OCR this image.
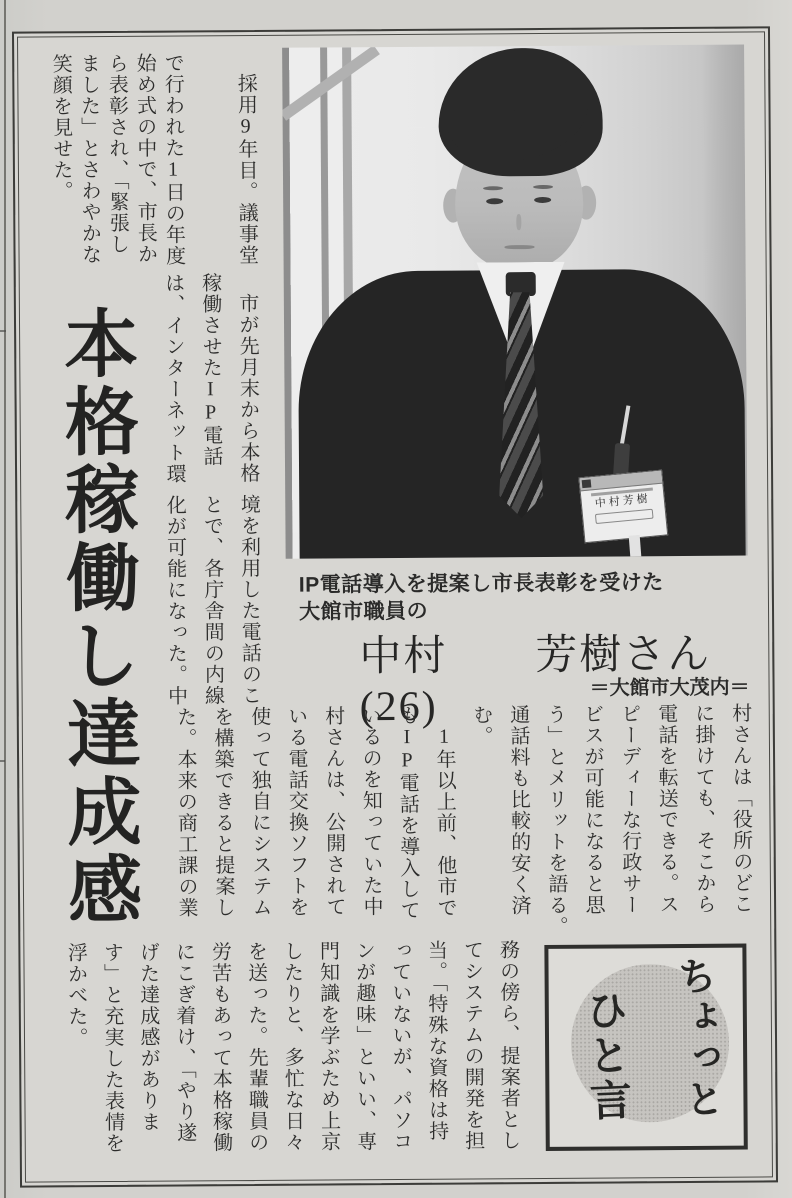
採用9年目。議事堂
で行われた1日の年度
始め式の中で、市長か
ら表彰され、「緊張し
ました」とさわやかな
笑顔を見せた。
市が先月末から本格
稼働させたIP電話
は、インターネット環
境を利用した電話のこ
とで、各庁舎間の内線
化が可能になった。中
本格稼働し達成感	中村芳樹
IP電話導入を提案し市長表彰を受けた
大館市職員の
中村　　芳樹さん(26)	＝大館市大茂内＝
村さんは「役所のどこ
に掛けても、そこから
電話を転送できる。ス
ピーディーな行政サー
ビスが可能になると思
う」とメリットを語る。
通話料も比較的安く済
む。
1年以上前、他市で
もIP電話を導入して
いるのを知っていた中
村さんは、公開されて
いる電話交換ソフトを
使って独自にシステム
を構築できると提案し
た。本来の商工課の業
務の傍ら、提案者とし
てシステムの開発を担
当。「特殊な資格は持
っていないが、パソコ
ンが趣味」といい、専
門知識を学ぶため上京
したりと、多忙な日々
を送った。先輩職員の
労苦もあって本格稼働
にこぎ着け、「やり遂
げた達成感がありま
す」と充実した表情を
浮かべた。	ちょっと
ひと言
